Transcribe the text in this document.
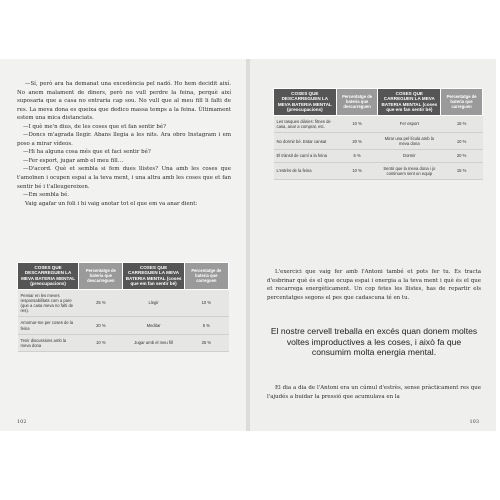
—Sí, però ara ha demanat una excedència pel nadó. Ho hem decidit així. No anem malament de diners, però no vull perdre la feina, perquè així suposaria que a casa no entraria cap sou. No vull que al meu fill li falti de res. La meva dona es queixa que dedico massa temps a la feina. Últimament estem una mica distanciats.

—I què me'n dius, de les coses que et fan sentir bé?

—Doncs m'agrada llegir. Abans llegia a les nits. Ara obro Instagram i em poso a mirar vídeos.

—Hi ha alguna cosa més que et faci sentir bé?

—Fer esport, jugar amb el meu fill…

—D'acord. Què et sembla si fem dues llistes? Una amb les coses que t'amoïnen i ocupen espai a la teva ment, i una altra amb les coses que et fan sentir bé i t'alleugereixen.

—Em sembla bé.

Vaig agafar un foli i hi vaig anotar tot el que em va anar dient:

COSES QUE DESCARREGUEN LA MEVA BATERIA MENTAL (preocupacions)	Percentatge de bateria que descarreguen	COSES QUE CARREGUEN LA MEVA BATERIA MENTAL (coses que em fan sentir bé)	Percentatge de bateria que carreguen
Pensar en les meves responsabilitats com a pare (que a casa meva no falti de res).	25 %	Llegir	10 %
Amoïnar-me per coses de la feina	20 %	Meditar	5 %
Tenir discussions amb la meva dona	10 %	Jugar amb el meu fill	25 %
102
COSES QUE DESCARREGUEN LA MEVA BATERIA MENTAL (preocupacions)	Percentatge de bateria que descarreguen	COSES QUE CARREGUEN LA MEVA BATERIA MENTAL (coses que em fan sentir bé)	Percentatge de bateria que carreguen
Les tasques diàries: fitnes de casa, anar a comprar, etc.	10 %	Fer esport	15 %
No dormir bé. Estar cansat	20 %	Mirar una pel·lícula amb la meva dona	10 %
El trànsit de camí a la feina	5 %	Dormir	20 %
L'estrès de la feina	10 %	Sentir que la meva dona i jo continuem sent un equip	15 %
103

L'exercici que vaig fer amb l'Antoni també et pots fer tu. Es tracta d'esbrinar què és el que ocupa espai i energia a la teva ment i què és el que et recarrega energèticament. Un cop fetes les llistes, has de repartir els percentatges segons el pes que cadascuna té en tu.

El nostre cervell treballa en excés quan donem moltes voltes improductives a les coses, i això fa que consumim molta energia mental.

El dia a dia de l'Antoni era un cúmul d'estrès, sense pràcticament res que l'ajudés a buidar la pressió que acumulava en la
